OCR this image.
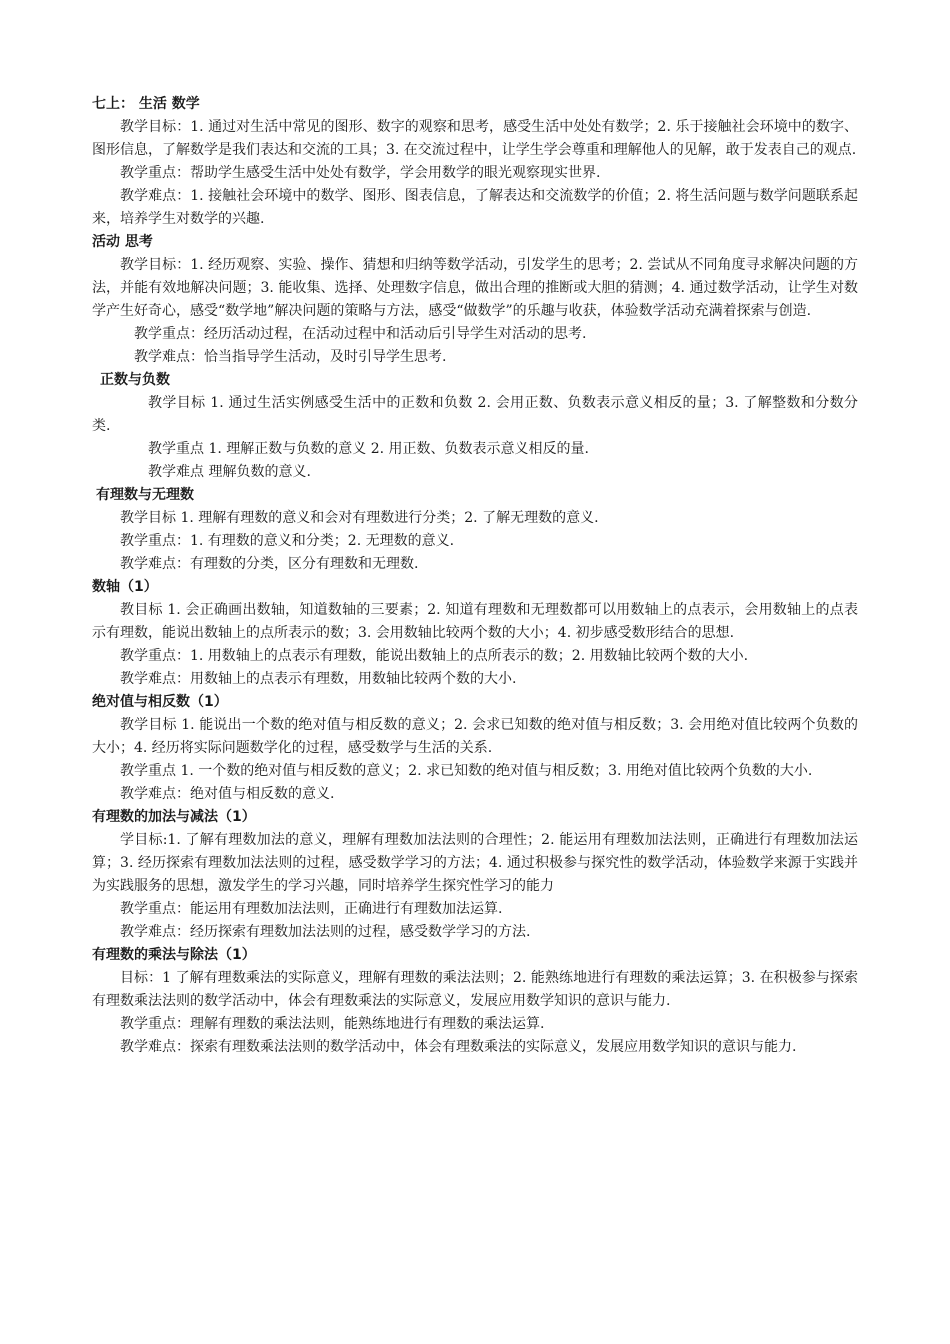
七上： 生活 数学

教学目标：1. 通过对生活中常见的图形、数字的观察和思考，感受生活中处处有数学；2. 乐于接触社会环境中的数字、图形信息，了解数学是我们表达和交流的工具；3. 在交流过程中，让学生学会尊重和理解他人的见解，敢于发表自己的观点.

教学重点：帮助学生感受生活中处处有数学，学会用数学的眼光观察现实世界.

教学难点：1. 接触社会环境中的数学、图形、图表信息，了解表达和交流数学的价值；2. 将生活问题与数学问题联系起来，培养学生对数学的兴趣.

活动 思考

教学目标：1. 经历观察、实验、操作、猜想和归纳等数学活动，引发学生的思考；2. 尝试从不同角度寻求解决问题的方法，并能有效地解决问题；3. 能收集、选择、处理数字信息，做出合理的推断或大胆的猜测；4. 通过数学活动，让学生对数学产生好奇心，感受“数学地”解决问题的策略与方法，感受“做数学”的乐趣与收获，体验数学活动充满着探索与创造.

教学重点：经历活动过程，在活动过程中和活动后引导学生对活动的思考.

教学难点：恰当指导学生活动，及时引导学生思考.

正数与负数

教学目标 1. 通过生活实例感受生活中的正数和负数 2. 会用正数、负数表示意义相反的量；3. 了解整数和分数分类.

教学重点 1. 理解正数与负数的意义 2. 用正数、负数表示意义相反的量.

教学难点 理解负数的意义.

有理数与无理数

教学目标 1. 理解有理数的意义和会对有理数进行分类；2. 了解无理数的意义.

教学重点：1. 有理数的意义和分类；2. 无理数的意义.

教学难点：有理数的分类，区分有理数和无理数.

数轴（1）

教目标 1. 会正确画出数轴，知道数轴的三要素；2. 知道有理数和无理数都可以用数轴上的点表示，会用数轴上的点表示有理数，能说出数轴上的点所表示的数；3. 会用数轴比较两个数的大小；4. 初步感受数形结合的思想.

教学重点：1. 用数轴上的点表示有理数，能说出数轴上的点所表示的数；2. 用数轴比较两个数的大小.

教学难点：用数轴上的点表示有理数，用数轴比较两个数的大小.

绝对值与相反数（1）

教学目标 1. 能说出一个数的绝对值与相反数的意义；2. 会求已知数的绝对值与相反数；3. 会用绝对值比较两个负数的大小；4. 经历将实际问题数学化的过程，感受数学与生活的关系.

教学重点 1. 一个数的绝对值与相反数的意义；2. 求已知数的绝对值与相反数；3. 用绝对值比较两个负数的大小.

教学难点：绝对值与相反数的意义.

有理数的加法与减法（1）

学目标:1. 了解有理数加法的意义，理解有理数加法法则的合理性；2. 能运用有理数加法法则，正确进行有理数加法运算；3. 经历探索有理数加法法则的过程，感受数学学习的方法；4. 通过积极参与探究性的数学活动，体验数学来源于实践并为实践服务的思想，激发学生的学习兴趣，同时培养学生探究性学习的能力

教学重点：能运用有理数加法法则，正确进行有理数加法运算.

教学难点：经历探索有理数加法法则的过程，感受数学学习的方法.

有理数的乘法与除法（1）

目标：1 了解有理数乘法的实际意义，理解有理数的乘法法则；2. 能熟练地进行有理数的乘法运算；3. 在积极参与探索有理数乘法法则的数学活动中，体会有理数乘法的实际意义，发展应用数学知识的意识与能力.

教学重点：理解有理数的乘法法则，能熟练地进行有理数的乘法运算.

教学难点：探索有理数乘法法则的数学活动中，体会有理数乘法的实际意义，发展应用数学知识的意识与能力.
